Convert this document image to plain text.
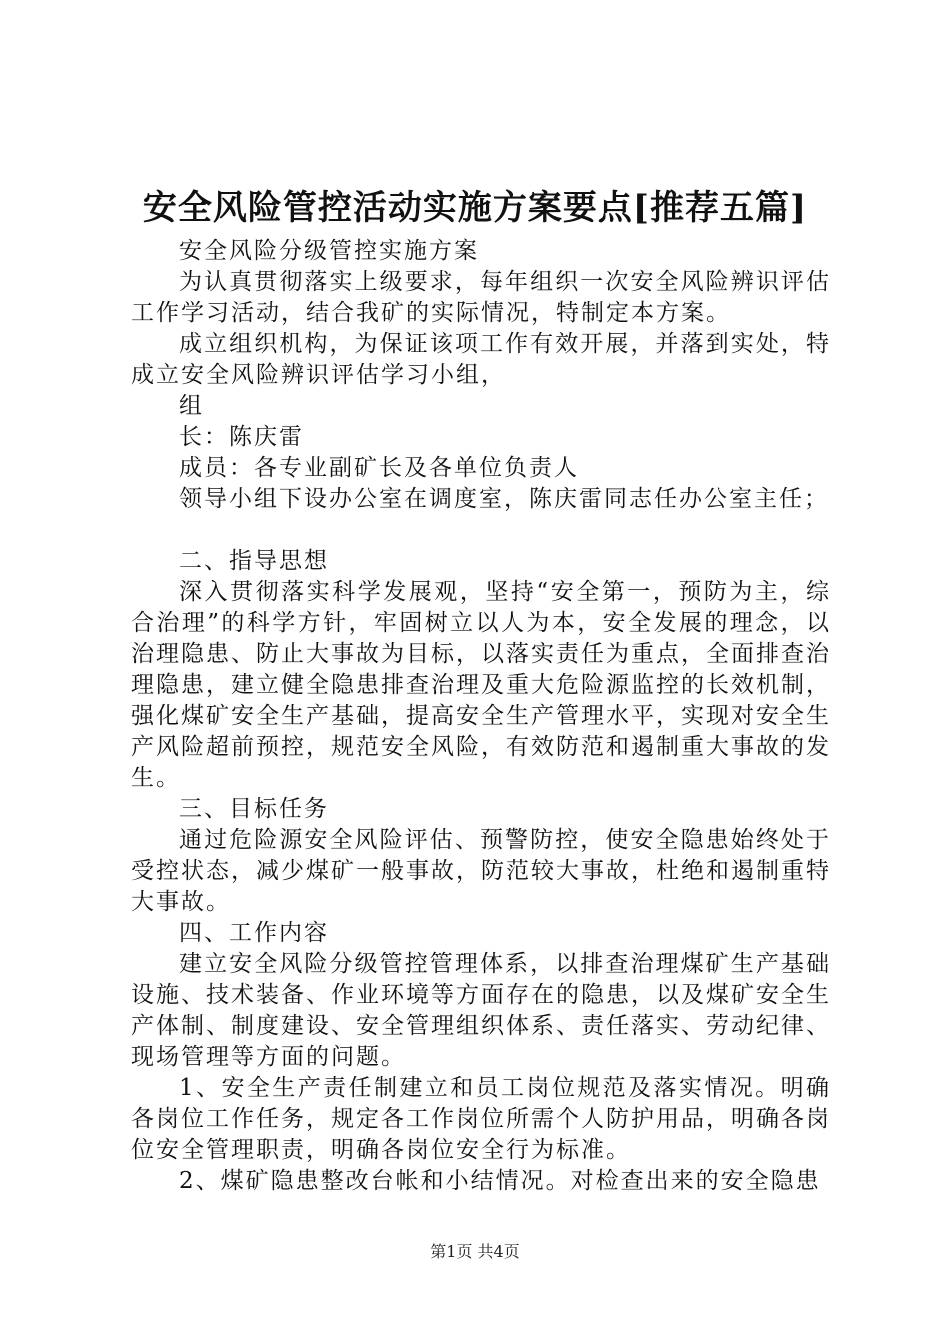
安全风险管控活动实施方案要点[推荐五篇]

安全风险分级管控实施方案

为认真贯彻落实上级要求，每年组织一次安全风险辨识评估工作学习活动，结合我矿的实际情况，特制定本方案。

成立组织机构，为保证该项工作有效开展，并落到实处，特成立安全风险辨识评估学习小组，

组

长：陈庆雷

成员：各专业副矿长及各单位负责人

领导小组下设办公室在调度室，陈庆雷同志任办公室主任；

二、指导思想

深入贯彻落实科学发展观，坚持“安全第一，预防为主，综合治理”的科学方针，牢固树立以人为本，安全发展的理念，以治理隐患、防止大事故为目标，以落实责任为重点，全面排查治理隐患，建立健全隐患排查治理及重大危险源监控的长效机制，强化煤矿安全生产基础，提高安全生产管理水平，实现对安全生产风险超前预控，规范安全风险，有效防范和遏制重大事故的发生。

三、目标任务

通过危险源安全风险评估、预警防控，使安全隐患始终处于受控状态，减少煤矿一般事故，防范较大事故，杜绝和遏制重特大事故。

四、工作内容

建立安全风险分级管控管理体系，以排查治理煤矿生产基础设施、技术装备、作业环境等方面存在的隐患，以及煤矿安全生产体制、制度建设、安全管理组织体系、责任落实、劳动纪律、现场管理等方面的问题。

1、安全生产责任制建立和员工岗位规范及落实情况。明确各岗位工作任务，规定各工作岗位所需个人防护用品，明确各岗位安全管理职责，明确各岗位安全行为标准。

2、煤矿隐患整改台帐和小结情况。对检查出来的安全隐患

第1页 共4页
